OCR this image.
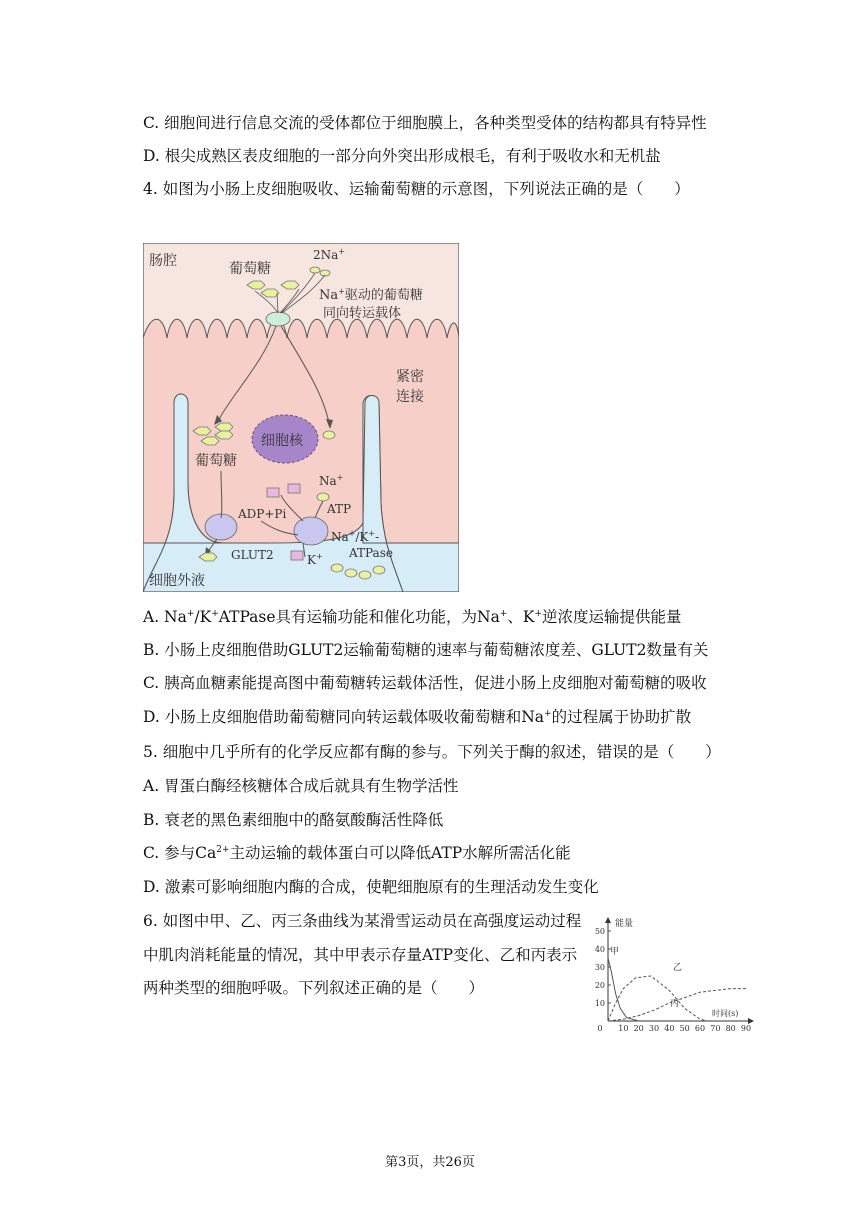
C. 细胞间进行信息交流的受体都位于细胞膜上，各种类型受体的结构都具有特异性
D. 根尖成熟区表皮细胞的一部分向外突出形成根毛，有利于吸收水和无机盐
4. 如图为小肠上皮细胞吸收、运输葡萄糖的示意图，下列说法正确的是（　　）
肠腔	葡萄糖
2Na+
Na+驱动的葡萄糖
同向转运载体
紧密
连接
细胞核
葡萄糖
Na+
ATP
ADP+Pi
GLUT2
Na+/K+-
ATPase
K+
细胞外液
A. Na+/K+ATPase具有运输功能和催化功能，为Na+、K+逆浓度运输提供能量
B. 小肠上皮细胞借助GLUT2运输葡萄糖的速率与葡萄糖浓度差、GLUT2数量有关
C. 胰高血糖素能提高图中葡萄糖转运载体活性，促进小肠上皮细胞对葡萄糖的吸收
D. 小肠上皮细胞借助葡萄糖同向转运载体吸收葡萄糖和Na+的过程属于协助扩散
5. 细胞中几乎所有的化学反应都有酶的参与。下列关于酶的叙述，错误的是（　　）
A. 胃蛋白酶经核糖体合成后就具有生物学活性
B. 衰老的黑色素细胞中的酪氨酸酶活性降低
C. 参与$Ca^{2+}$主动运输的载体蛋白可以降低ATP水解所需活化能
D. 激素可影响细胞内酶的合成，使靶细胞原有的生理活动发生变化
6. 如图中甲、乙、丙三条曲线为某滑雪运动员在高强度运动过程
中肌肉消耗能量的情况，其中甲表示存量ATP变化、乙和丙表示
两种类型的细胞呼吸。下列叙述正确的是（　　）
50
40
30
20
10
0 10 20 30 40 50 60 70 80 90
能量
时间(s)
甲
乙
丙
第3页，共26页
